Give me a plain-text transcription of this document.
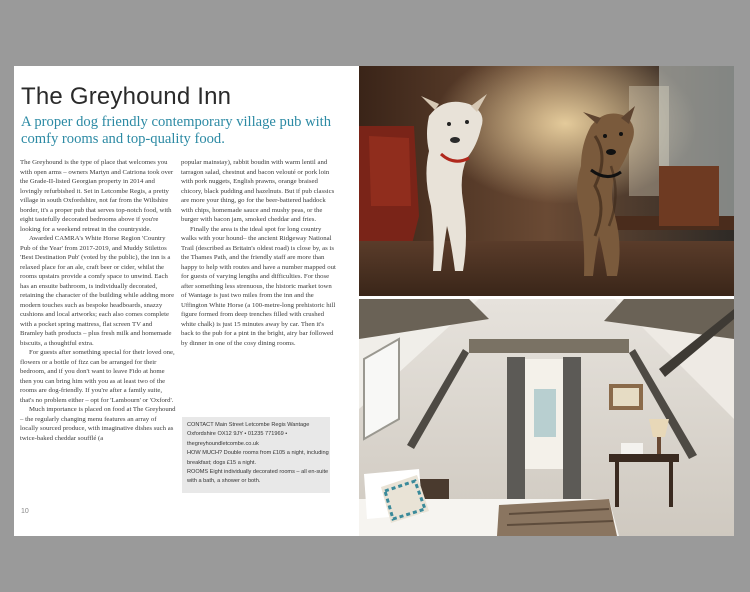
The Greyhound Inn
A proper dog friendly contemporary village pub with comfy rooms and top-quality food.

The Greyhound is the type of place that welcomes you with open arms – owners Martyn and Catriona took over the Grade-II-listed Georgian property in 2014 and lovingly refurbished it. Set in Letcombe Regis, a pretty village in south Oxfordshire, not far from the Wiltshire border, it's a proper pub that serves top-notch food, with eight tastefully decorated bedrooms above if you're looking for a weekend retreat in the countryside.

Awarded CAMRA's White Horse Region 'Country Pub of the Year' from 2017-2019, and Muddy Stilettos 'Best Destination Pub' (voted by the public), the inn is a relaxed place for an ale, craft beer or cider, whilst the rooms upstairs provide a comfy space to unwind. Each has an ensuite bathroom, is individually decorated, retaining the character of the building while adding more modern touches such as bespoke headboards, snazzy cushions and local artworks; each also comes complete with a pocket spring mattress, flat screen TV and Bramley bath products – plus fresh milk and homemade biscuits, a thoughtful extra.

For guests after something special for their loved one, flowers or a bottle of fizz can be arranged for their bedroom, and if you don't want to leave Fido at home then you can bring him with you as at least two of the rooms are dog-friendly. If you're after a family suite, that's no problem either – opt for 'Lambourn' or 'Oxford'.

Much importance is placed on food at The Greyhound – the regularly changing menu features an array of locally sourced produce, with imaginative dishes such as twice-baked cheddar soufflé (a

popular mainstay), rabbit boudin with warm lentil and tarragon salad, chestnut and bacon velouté or pork loin with pork nuggets, English prawns, orange braised chicory, black pudding and hazelnuts. But if pub classics are more your thing, go for the beer-battered haddock with chips, homemade sauce and mushy peas, or the burger with bacon jam, smoked cheddar and fries.

Finally the area is the ideal spot for long country walks with your hound– the ancient Ridgeway National Trail (described as Britain's oldest road) is close by, as is the Thames Path, and the friendly staff are more than happy to help with routes and have a number mapped out for guests of varying lengths and difficulties. For those after something less strenuous, the historic market town of Wantage is just two miles from the inn and the Uffington White Horse (a 100-metre-long prehistoric hill figure formed from deep trenches filled with crushed white chalk) is just 15 minutes away by car. Then it's back to the pub for a pint in the bright, airy bar followed by dinner in one of the cosy dining rooms.

CONTACT Main Street Letcombe Regis Wantage
Oxfordshire OX12 9JY • 01235 771969 •
thegreyhoundletcombe.co.uk
HOW MUCH? Double rooms from £105 a night, including
breakfast; dogs £15 a night.
ROOMS Eight individually decorated rooms – all en-suite
with a bath, a shower or both.
10
